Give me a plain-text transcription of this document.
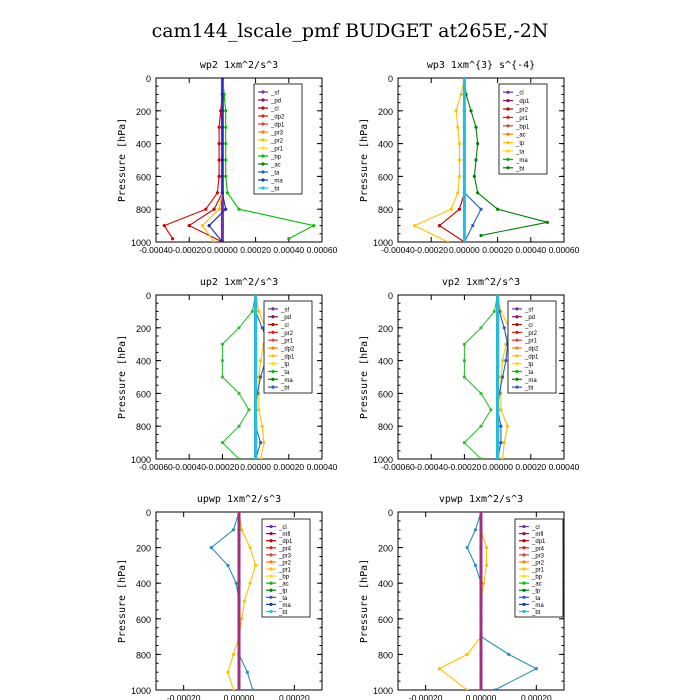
cam144_lscale_pmf BUDGET at265E,-2N
wp2 1xm^2/s^3
Pressure [hPa]
0
200
400
600
800
1000
-0.00040 -0.00020 0.00000 0.00020 0.00040 0.00060
_sf
_pd
_cl
_dp2
_dp1
_pr3
_pr2
_pr1
_bp
_ac
_ta
_ma
_bt
wp3 1xm^{3} s^{-4}
Pressure [hPa]
0
200
400
600
800
1000
-0.00040 -0.00020 0.00000 0.00020 0.00040 0.00060
_cl
_dp1
_pr2
_pr1
_bp1
_ac
_tp
_ta
_ma
_bt
up2 1xm^2/s^3
Pressure [hPa]
0
200
400
600
800
1000
-0.00060 -0.00040 -0.00020 0.00000 0.00020 0.00040
_sf
_pd
_cl
_pr2
_pr1
_dp2
_dp1
_tp
_ta
_ma
_bt
vp2 1xm^2/s^3
Pressure [hPa]
0
200
400
600
800
1000
-0.00060 -0.00040 -0.00020 0.00000 0.00020 0.00040
_sf
_pd
_cl
_pr2
_pr1
_dp2
_dp1
_tp
_ta
_ma
_bt
upwp 1xm^2/s^3
Pressure [hPa]
0
200
400
600
800
1000
-0.00020	0.00000	0.00020
_cl
_mfl
_dp1
_pr4
_pr3
_pr2
_pr1
_bp
_ac
_tp
_ta
_ma
_bt
vpwp 1xm^2/s^3
Pressure [hPa]
0
200
400
600
800
1000
-0.00020	0.00000	0.00020
_cl
_mfl
_dp1
_pr4
_pr3
_pr2
_pr1
_bp
_ac
_tp
_ta
_ma
_bt
